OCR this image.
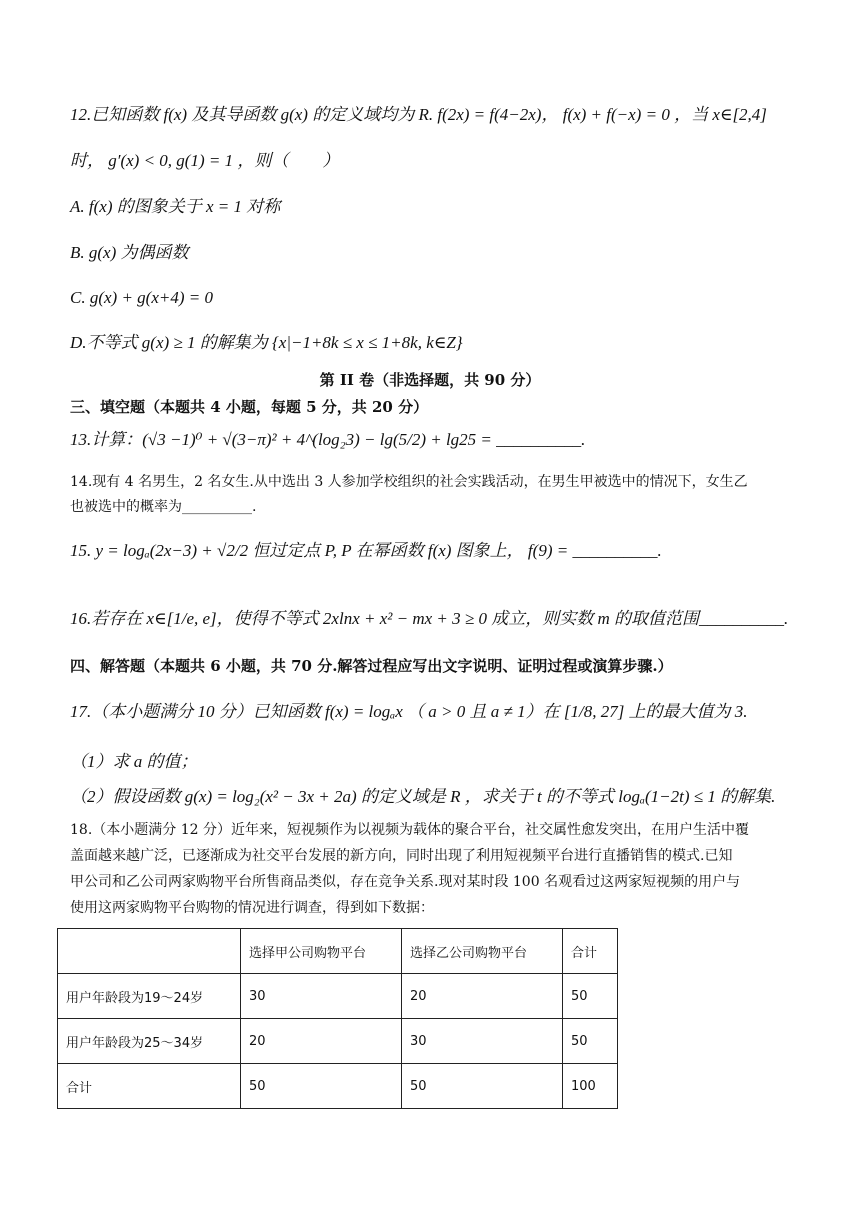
12.已知函数 f(x) 及其导函数 g(x) 的定义域均为 R. f(2x) = f(4−2x)， f(x) + f(−x) = 0 ，当 x∈[2,4]
时， g′(x) < 0, g(1) = 1 ，则（　　）
A. f(x) 的图象关于 x = 1 对称
B. g(x) 为偶函数
C. g(x) + g(x+4) = 0
D.不等式 g(x) ≥ 1 的解集为 {x|−1+8k ≤ x ≤ 1+8k, k∈Z}
第 II 卷（非选择题，共 90 分）
三、填空题（本题共 4 小题，每题 5 分，共 20 分）
13.计算：(√3 −1)⁰ + √(3−π)² + 4^(log₂3) − lg(5/2) + lg25 = __________.
14.现有 4 名男生，2 名女生.从中选出 3 人参加学校组织的社会实践活动，在男生甲被选中的情况下，女生乙
也被选中的概率为__________.
15. y = logₐ(2x−3) + √2/2 恒过定点 P, P 在幂函数 f(x) 图象上， f(9) = __________.
16.若存在 x∈[1/e, e]，使得不等式 2xlnx + x² − mx + 3 ≥ 0 成立，则实数 m 的取值范围__________.
四、解答题（本题共 6 小题，共 70 分.解答过程应写出文字说明、证明过程或演算步骤.）
17.（本小题满分 10 分）已知函数 f(x) = logₐx （ a > 0 且 a ≠ 1）在 [1/8, 27] 上的最大值为 3.
（1）求 a 的值；
（2）假设函数 g(x) = log₂(x² − 3x + 2a) 的定义域是 R ，求关于 t 的不等式 logₐ(1−2t) ≤ 1 的解集.
18.（本小题满分 12 分）近年来，短视频作为以视频为载体的聚合平台，社交属性愈发突出，在用户生活中覆
盖面越来越广泛，已逐渐成为社交平台发展的新方向，同时出现了利用短视频平台进行直播销售的模式.已知
甲公司和乙公司两家购物平台所售商品类似，存在竞争关系.现对某时段 100 名观看过这两家短视频的用户与
使用这两家购物平台购物的情况进行调查，得到如下数据：
	选择甲公司购物平台	选择乙公司购物平台	合计
用户年龄段为19～24岁	30	20	50
用户年龄段为25～34岁	20	30	50
合计	50	50	100
